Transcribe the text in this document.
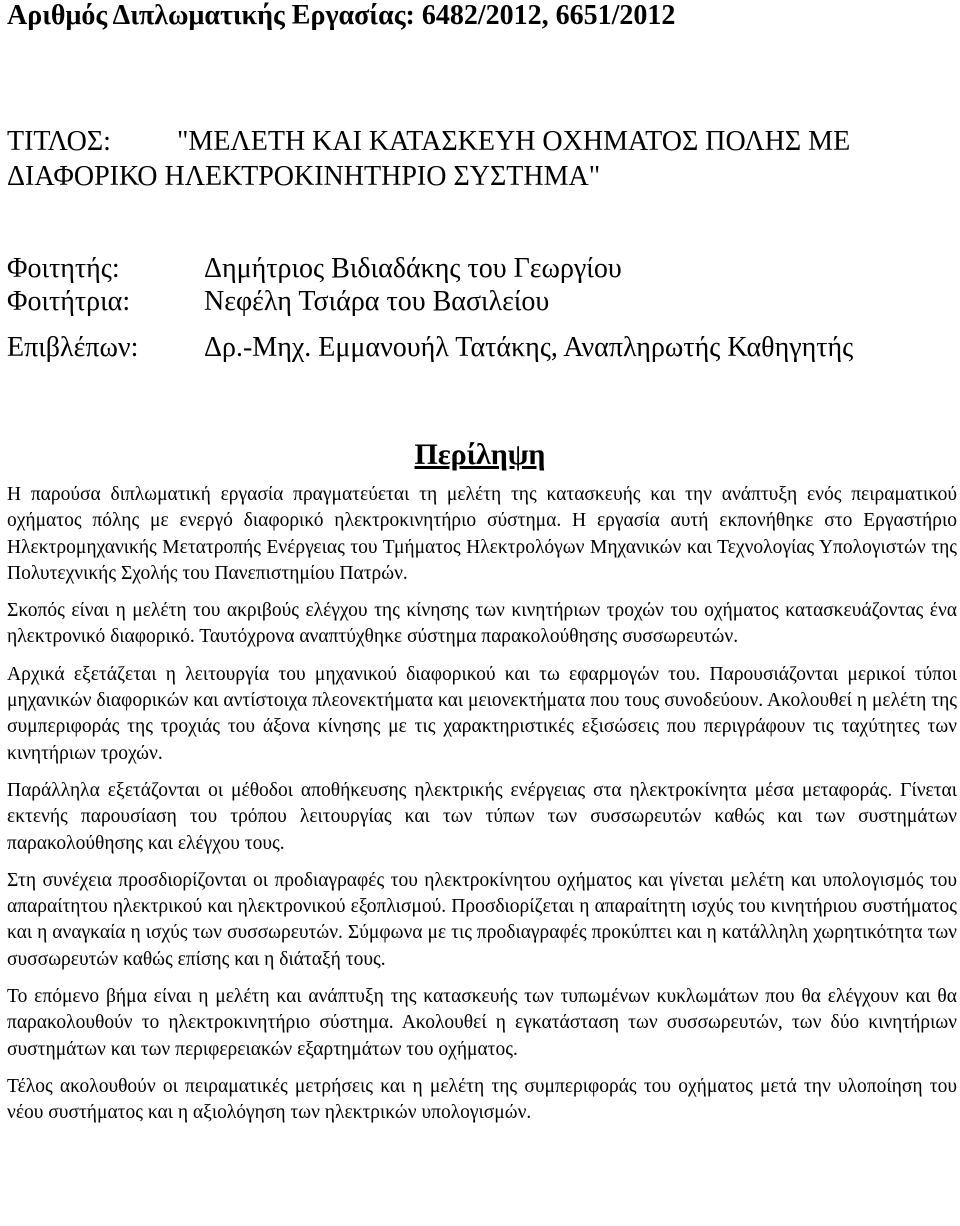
Αριθμός Διπλωματικής Εργασίας: 6482/2012, 6651/2012
ΤΙΤΛΟΣ: "ΜΕΛΕΤΗ ΚΑΙ ΚΑΤΑΣΚΕΥΗ ΟΧΗΜΑΤΟΣ ΠΟΛΗΣ ΜΕ ΔΙΑΦΟΡΙΚΟ ΗΛΕΚΤΡΟΚΙΝΗΤΗΡΙΟ ΣΥΣΤΗΜΑ"
Φοιτητής:	Δημήτριος Βιδιαδάκης του Γεωργίου
Φοιτήτρια:	Νεφέλη Τσιάρα του Βασιλείου
Επιβλέπων: Δρ.-Μηχ. Εμμανουήλ Τατάκης, Αναπληρωτής Καθηγητής
Περίληψη

Η παρούσα διπλωματική εργασία πραγματεύεται τη μελέτη της κατασκευής και την ανάπτυξη ενός πειραματικού οχήματος πόλης με ενεργό διαφορικό ηλεκτροκινητήριο σύστημα. Η εργασία αυτή εκπονήθηκε στο Εργαστήριο Ηλεκτρομηχανικής Μετατροπής Ενέργειας του Τμήματος Ηλεκτρολόγων Μηχανικών και Τεχνολογίας Υπολογιστών της Πολυτεχνικής Σχολής του Πανεπιστημίου Πατρών.

Σκοπός είναι η μελέτη του ακριβούς ελέγχου της κίνησης των κινητήριων τροχών του οχήματος κατασκευάζοντας ένα ηλεκτρονικό διαφορικό. Ταυτόχρονα αναπτύχθηκε σύστημα παρακολούθησης συσσωρευτών.

Αρχικά εξετάζεται η λειτουργία του μηχανικού διαφορικού και τω εφαρμογών του. Παρουσιάζονται μερικοί τύποι μηχανικών διαφορικών και αντίστοιχα πλεονεκτήματα και μειονεκτήματα που τους συνοδεύουν. Ακολουθεί η μελέτη της συμπεριφοράς της τροχιάς του άξονα κίνησης με τις χαρακτηριστικές εξισώσεις που περιγράφουν τις ταχύτητες των κινητήριων τροχών.

Παράλληλα εξετάζονται οι μέθοδοι αποθήκευσης ηλεκτρικής ενέργειας στα ηλεκτροκίνητα μέσα μεταφοράς. Γίνεται εκτενής παρουσίαση του τρόπου λειτουργίας και των τύπων των συσσωρευτών καθώς και των συστημάτων παρακολούθησης και ελέγχου τους.

Στη συνέχεια προσδιορίζονται οι προδιαγραφές του ηλεκτροκίνητου οχήματος και γίνεται μελέτη και υπολογισμός του απαραίτητου ηλεκτρικού και ηλεκτρονικού εξοπλισμού. Προσδιορίζεται η απαραίτητη ισχύς του κινητήριου συστήματος και η αναγκαία η ισχύς των συσσωρευτών. Σύμφωνα με τις προδιαγραφές προκύπτει και η κατάλληλη χωρητικότητα των συσσωρευτών καθώς επίσης και η διάταξή τους.

Το επόμενο βήμα είναι η μελέτη και ανάπτυξη της κατασκευής των τυπωμένων κυκλωμάτων που θα ελέγχουν και θα παρακολουθούν το ηλεκτροκινητήριο σύστημα. Ακολουθεί η εγκατάσταση των συσσωρευτών, των δύο κινητήριων συστημάτων και των περιφερειακών εξαρτημάτων του οχήματος.

Τέλος ακολουθούν οι πειραματικές μετρήσεις και η μελέτη της συμπεριφοράς του οχήματος μετά την υλοποίηση του νέου συστήματος και η αξιολόγηση των ηλεκτρικών υπολογισμών.
